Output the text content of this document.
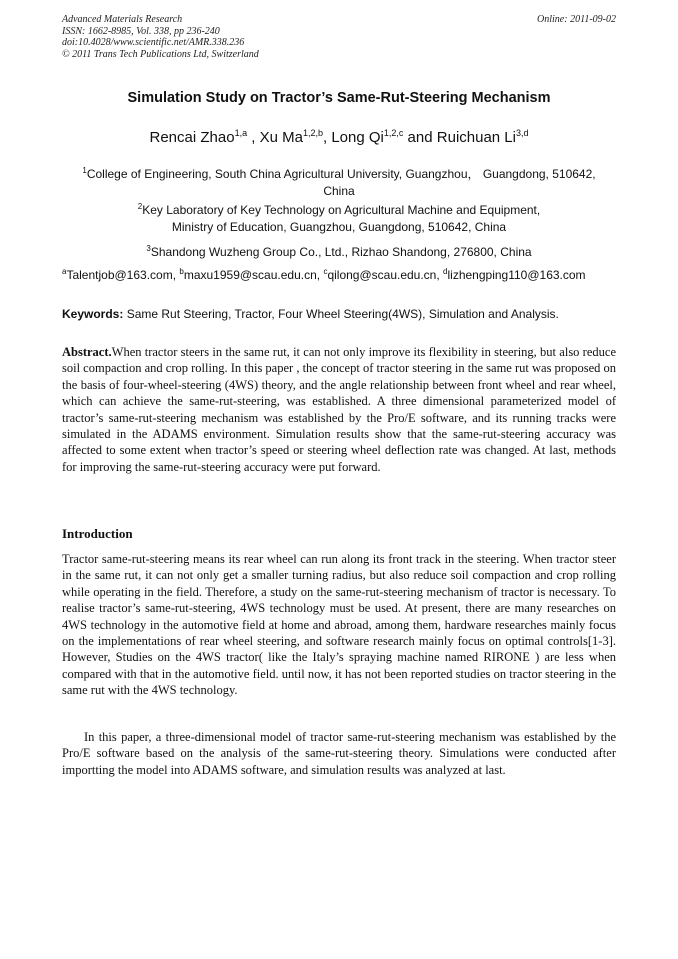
Advanced Materials Research
ISSN: 1662-8985, Vol. 338, pp 236-240
doi:10.4028/www.scientific.net/AMR.338.236
© 2011 Trans Tech Publications Ltd, Switzerland
Online: 2011-09-02
Simulation Study on Tractor’s Same-Rut-Steering Mechanism
Rencai Zhao$^{1,a}$ , Xu Ma$^{1,2,b}$, Long Qi$^{1,2,c}$ and Ruichuan Li$^{3,d}$
$^1$College of Engineering, South China Agricultural University, Guangzhou， Guangdong, 510642,
China
$^2$Key Laboratory of Key Technology on Agricultural Machine and Equipment,
Ministry of Education, Guangzhou, Guangdong, 510642, China
$^3$Shandong Wuzheng Group Co., Ltd., Rizhao Shandong, 276800, China
$^a$Talentjob@163.com, $^b$maxu1959@scau.edu.cn, $^c$qilong@scau.edu.cn, $^d$lizhengping110@163.com
Keywords: Same Rut Steering, Tractor, Four Wheel Steering(4WS), Simulation and Analysis.
Abstract.When tractor steers in the same rut, it can not only improve its flexibility in steering, but also reduce soil compaction and crop rolling. In this paper , the concept of tractor steering in the same rut was proposed on the basis of four-wheel-steering (4WS) theory, and the angle relationship between front wheel and rear wheel, which can achieve the same-rut-steering, was established. A three dimensional parameterized model of tractor’s same-rut-steering mechanism was established by the Pro/E software, and its running tracks were simulated in the ADAMS environment. Simulation results show that the same-rut-steering accuracy was affected to some extent when tractor’s speed or steering wheel deflection rate was changed. At last, methods for improving the same-rut-steering accuracy were put forward.
Introduction
Tractor same-rut-steering means its rear wheel can run along its front track in the steering. When tractor steer in the same rut, it can not only get a smaller turning radius, but also reduce soil compaction and crop rolling while operating in the field. Therefore, a study on the same-rut-steering mechanism of tractor is necessary. To realise tractor’s same-rut-steering, 4WS technology must be used. At present, there are many researches on 4WS technology in the automotive field at home and abroad, among them, hardware researches mainly focus on the implementations of rear wheel steering, and software research mainly focus on optimal controls[1-3]. However, Studies on the 4WS tractor( like the Italy’s spraying machine named RIRONE ) are less when compared with that in the automotive field. until now, it has not been reported studies on tractor steering in the same rut with the 4WS technology.
In this paper, a three-dimensional model of tractor same-rut-steering mechanism was established by the Pro/E software based on the analysis of the same-rut-steering theory. Simulations were conducted after importting the model into ADAMS software, and simulation results was analyzed at last.
